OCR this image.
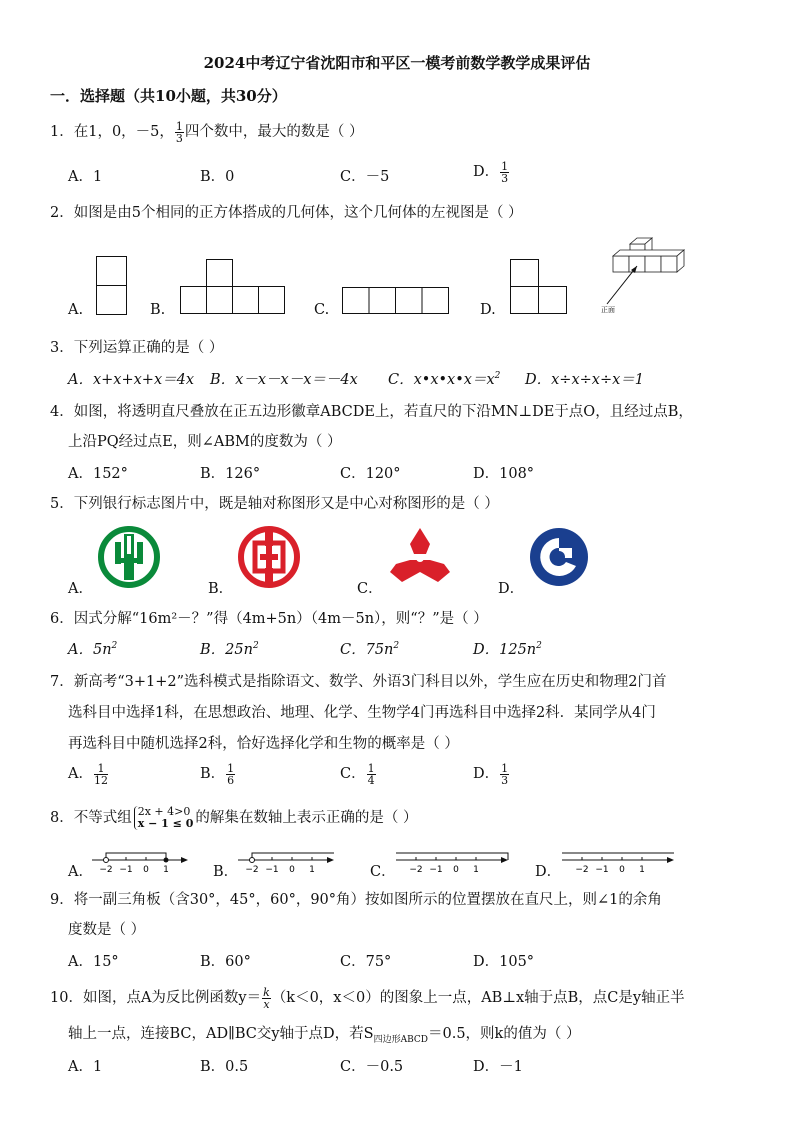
2024中考辽宁省沈阳市和平区一模考前数学教学成果评估
一．选择题（共10小题，共30分）
1．在1，0，－5， $\frac{1}{3}$ 四个数中，最大的数是（ ）
A．1	B．0	C．－5	D． $\frac{1}{3}$
2．如图是由5个相同的正方体搭成的几何体，这个几何体的左视图是（ ）
A.	B.	C.	D.	正面
3．下列运算正确的是（ ）
A．x+x+x+x＝4x B．x－x－x－x＝－4x C．$x•x•x•x=x^2$ D．x÷x÷x÷x＝1
4．如图，将透明直尺叠放在正五边形徽章ABCDE上，若直尺的下沿MN⊥DE于点O，且经过点B，
上沿PQ经过点E，则∠ABM的度数为（ ）
A．152°	B．126°	C．120°	D．108°
5．下列银行标志图片中，既是轴对称图形又是中心对称图形的是（ ）
A．	B．	C．	D．
6．因式分解“16m²－？”得（4m+5n）（4m－5n），则“？”是（ ）
A．$5n^2$	B．$25n^2$	C．$75n^2$	D．$125n^2$
7．新高考“3+1+2”选科模式是指除语文、数学、外语3门科目以外，学生应在历史和物理2门首
选科目中选择1科，在思想政治、地理、化学、生物学4门再选科目中选择2科．某同学从4门
再选科目中随机选择2科，恰好选择化学和生物的概率是（ ）
A． $\frac{1}{12}$	B． $\frac{1}{6}$	C． $\frac{1}{4}$	D． $\frac{1}{3}$
8．不等式组 2x + 4>0
x − 1 ≤ 0 的解集在数轴上表示正确的是（ ）
A． −2 −1 0 1	B． −2 −1 0 1	C． −2 −1 0 1	D． −2 −1 0 1
9．将一副三角板（含30°，45°，60°，90°角）按如图所示的位置摆放在直尺上，则∠1的余角
度数是（ ）
A．15°	B．60°	C．75°	D．105°
10．如图，点A为反比例函数$y= \frac{k}{x} (k<0$，x＜0）的图象上一点，AB⊥x轴于点B，点C是y轴正半
轴上一点，连接BC，AD∥BC交y轴于点D，若$S_{四边形ABCD}=0.5$，则k的值为（ ）
A．1	B．0.5	C．－0.5	D．－1
